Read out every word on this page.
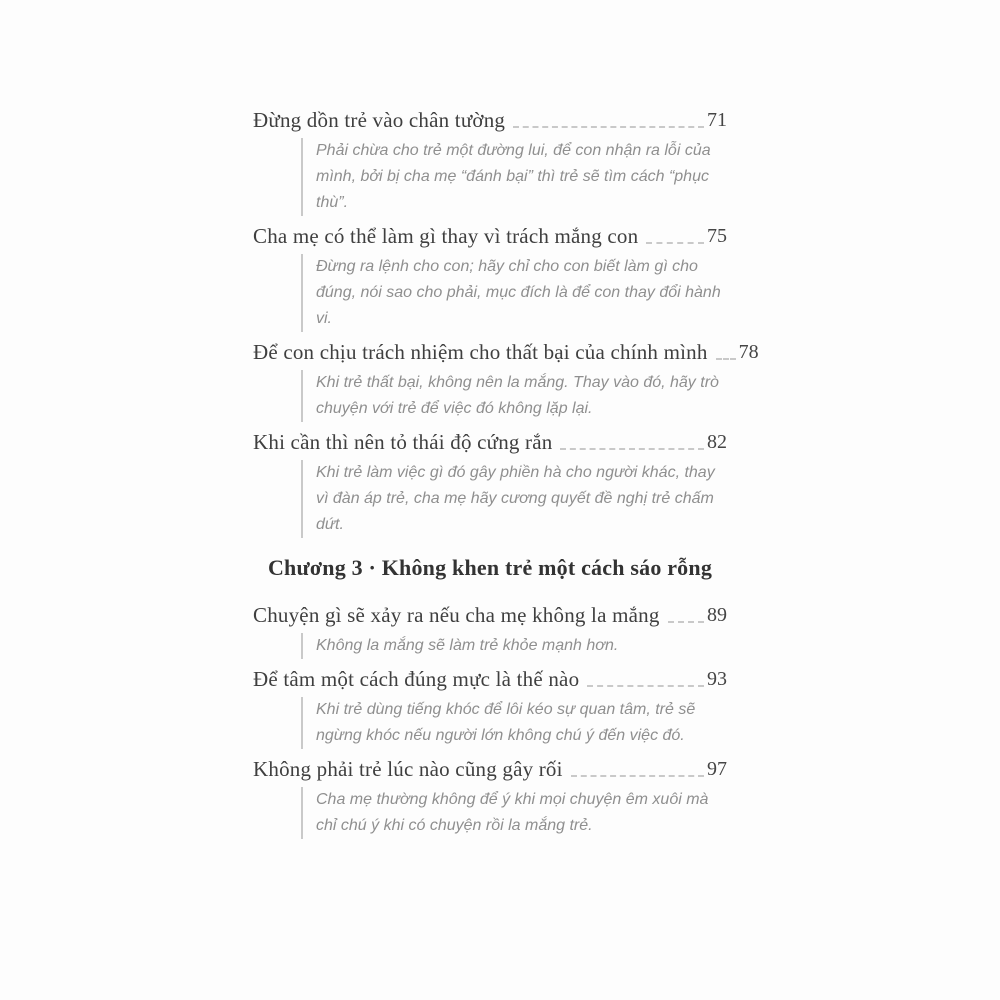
Đừng dồn trẻ vào chân tường	71
Phải chừa cho trẻ một đường lui, để con nhận ra lỗi của mình, bởi bị cha mẹ “đánh bại” thì trẻ sẽ tìm cách “phục thù”.
Cha mẹ có thể làm gì thay vì trách mắng con	75
Đừng ra lệnh cho con; hãy chỉ cho con biết làm gì cho đúng, nói sao cho phải, mục đích là để con thay đổi hành vi.
Để con chịu trách nhiệm cho thất bại của chính mình 78
Khi trẻ thất bại, không nên la mắng. Thay vào đó, hãy trò chuyện với trẻ để việc đó không lặp lại.
Khi cần thì nên tỏ thái độ cứng rắn	82
Khi trẻ làm việc gì đó gây phiền hà cho người khác, thay vì đàn áp trẻ, cha mẹ hãy cương quyết đề nghị trẻ chấm dứt.
Chương 3 · Không khen trẻ một cách sáo rỗng
Chuyện gì sẽ xảy ra nếu cha mẹ không la mắng 89
Không la mắng sẽ làm trẻ khỏe mạnh hơn.
Để tâm một cách đúng mực là thế nào	93
Khi trẻ dùng tiếng khóc để lôi kéo sự quan tâm, trẻ sẽ ngừng khóc nếu người lớn không chú ý đến việc đó.
Không phải trẻ lúc nào cũng gây rối	97
Cha mẹ thường không để ý khi mọi chuyện êm xuôi mà chỉ chú ý khi có chuyện rồi la mắng trẻ.
